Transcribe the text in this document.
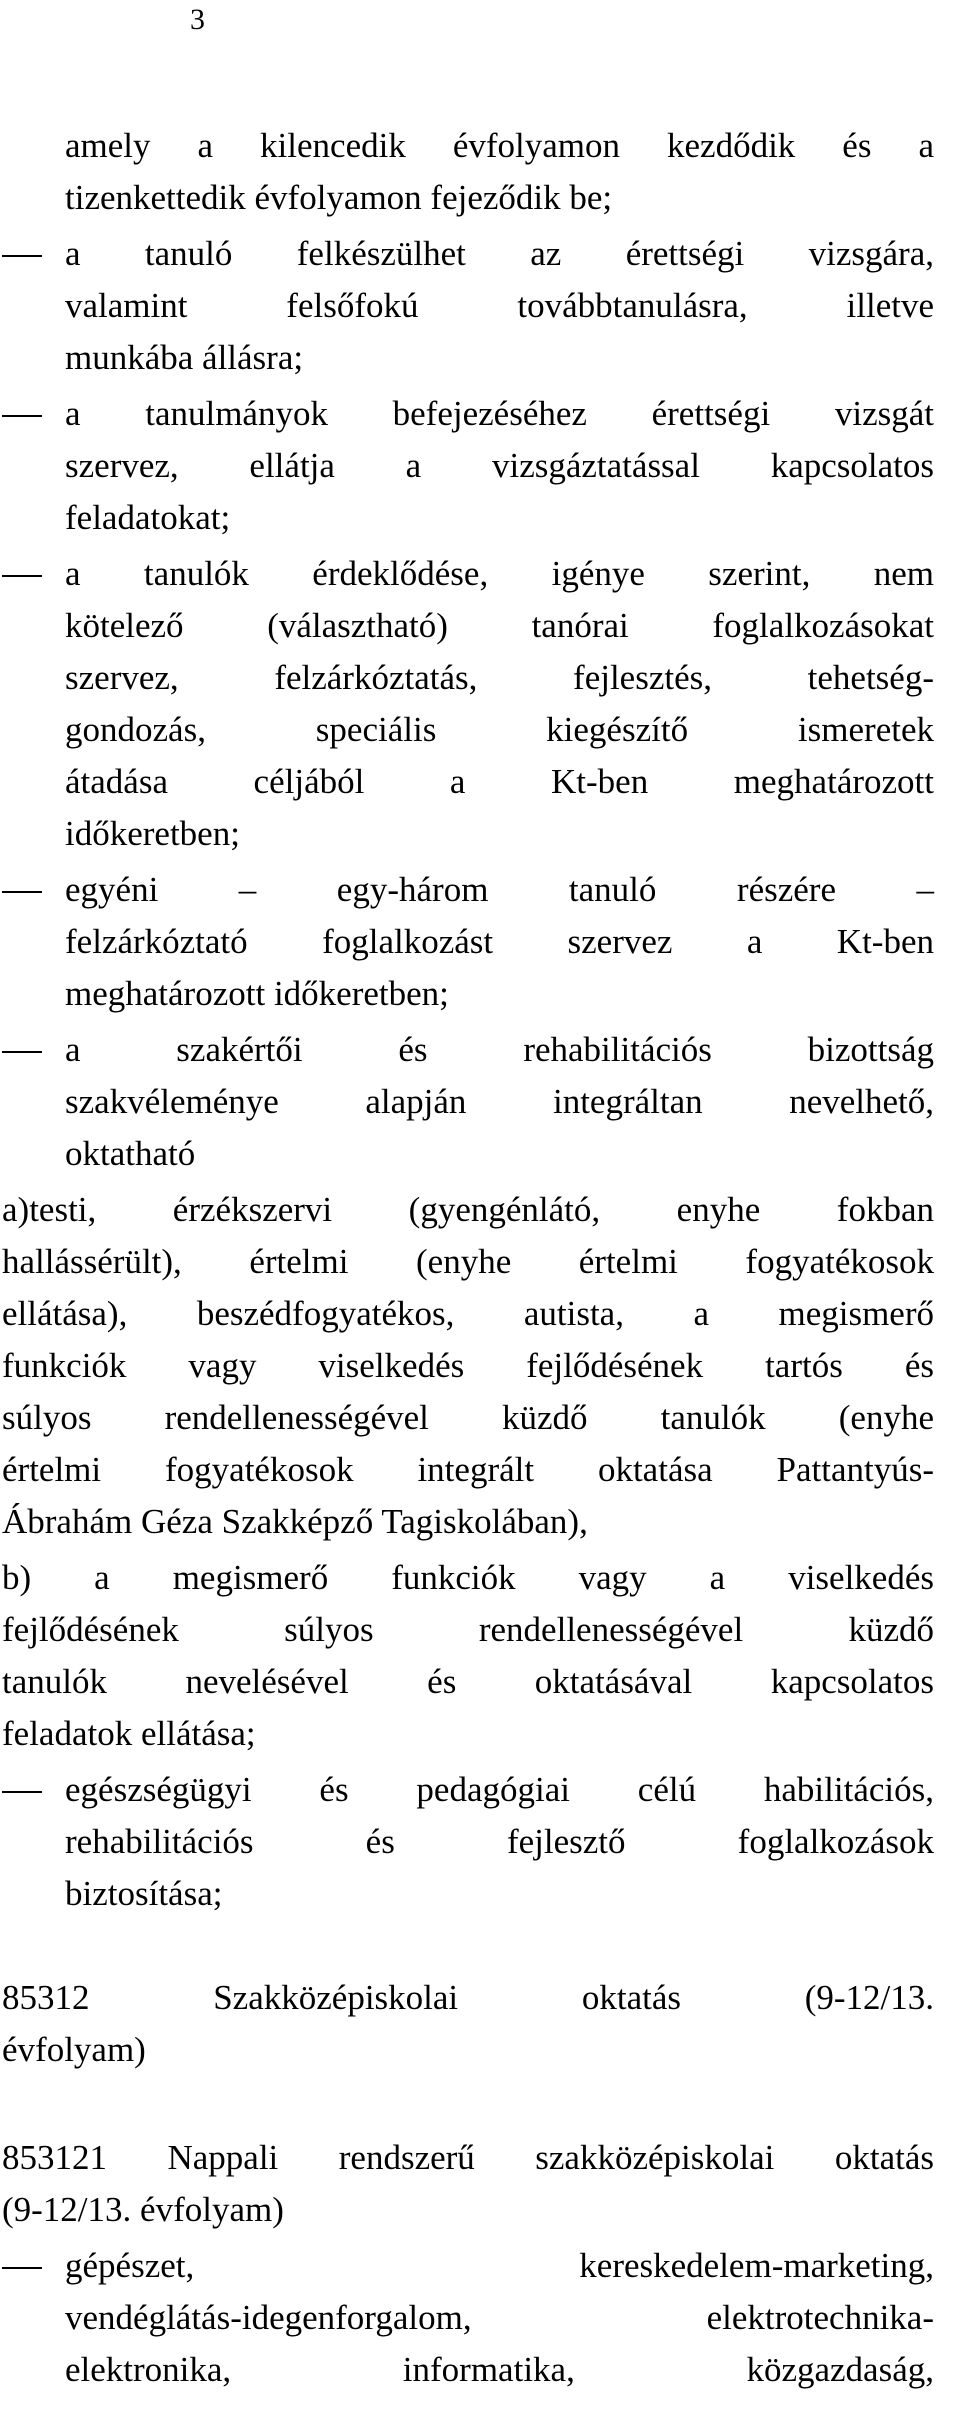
3
amely a kilencedik évfolyamon kezdődik és a
tizenkettedik évfolyamon fejeződik be;
a tanuló felkészülhet az érettségi vizsgára,
valamint felsőfokú továbbtanulásra, illetve
munkába állásra;
a tanulmányok befejezéséhez érettségi vizsgát
szervez, ellátja a vizsgáztatással kapcsolatos
feladatokat;
a tanulók érdeklődése, igénye szerint, nem
kötelező (választható) tanórai foglalkozásokat
szervez, felzárkóztatás, fejlesztés, tehetség-
gondozás, speciális kiegészítő ismeretek
átadása céljából a Kt-ben meghatározott
időkeretben;
egyéni – egy-három tanuló részére –
felzárkóztató foglalkozást szervez a Kt-ben
meghatározott időkeretben;
a szakértői és rehabilitációs bizottság
szakvéleménye alapján integráltan nevelhető,
oktatható
a)testi, érzékszervi (gyengénlátó, enyhe fokban
hallássérült), értelmi (enyhe értelmi fogyatékosok
ellátása), beszédfogyatékos, autista, a megismerő
funkciók vagy viselkedés fejlődésének tartós és
súlyos rendellenességével küzdő tanulók (enyhe
értelmi fogyatékosok integrált oktatása Pattantyús-
Ábrahám Géza Szakképző Tagiskolában),
b) a megismerő funkciók vagy a viselkedés
fejlődésének súlyos rendellenességével küzdő
tanulók nevelésével és oktatásával kapcsolatos
feladatok ellátása;
egészségügyi és pedagógiai célú habilitációs,
rehabilitációs és fejlesztő foglalkozások
biztosítása;
85312 Szakközépiskolai oktatás (9-12/13.
évfolyam)
853121 Nappali rendszerű szakközépiskolai oktatás
(9-12/13. évfolyam)
gépészet, kereskedelem-marketing,
vendéglátás-idegenforgalom, elektrotechnika-
elektronika, informatika, közgazdaság,
